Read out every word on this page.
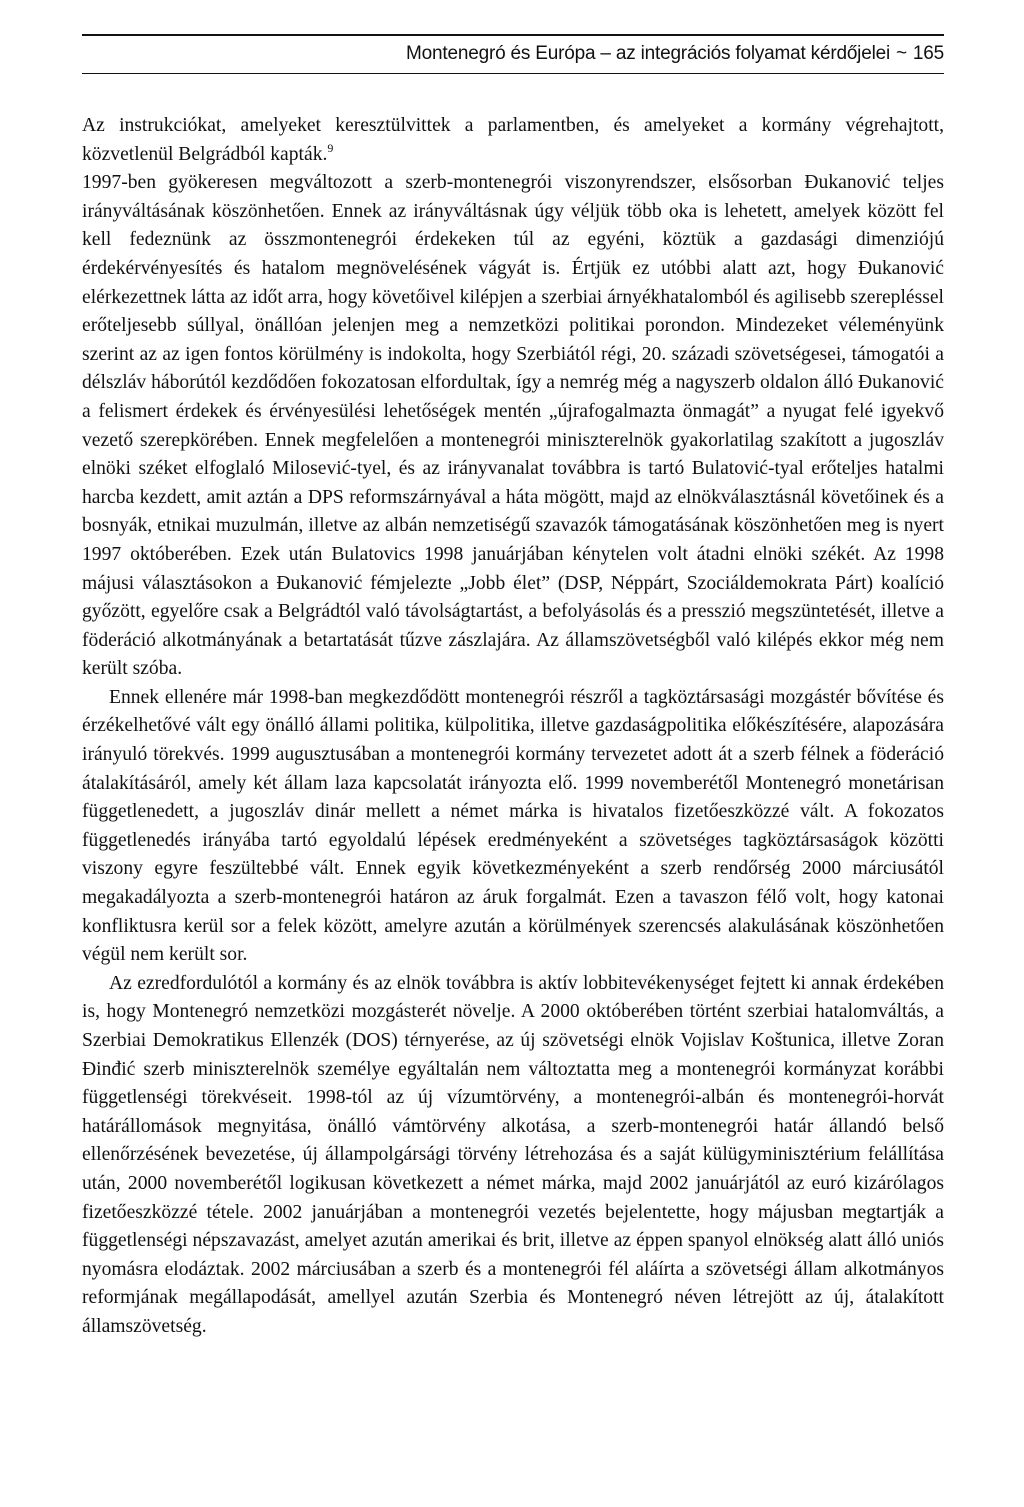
Montenegró és Európa – az integrációs folyamat kérdőjelei ~ 165

Az instrukciókat, amelyeket keresztülvittek a parlamentben, és amelyeket a kormány végrehajtott, közvetlenül Belgrádból kapták.$^9$

1997-ben gyökeresen megváltozott a szerb-montenegrói viszonyrendszer, elsősorban Đukanović teljes irányváltásának köszönhetően. Ennek az irányváltásnak úgy véljük több oka is lehetett, amelyek között fel kell fedeznünk az összmontenegrói érdekeken túl az egyéni, köztük a gazdasági dimenziójú érdekérvényesítés és hatalom megnövelésének vágyát is. Értjük ez utóbbi alatt azt, hogy Đukanović elérkezettnek látta az időt arra, hogy követőivel kilépjen a szerbiai árnyékhatalomból és agilisebb szerepléssel erőteljesebb súllyal, önállóan jelenjen meg a nemzetközi politikai porondon. Mindezeket véleményünk szerint az az igen fontos körülmény is indokolta, hogy Szerbiától régi, 20. századi szövetségesei, támogatói a délszláv háborútól kezdődően fokozatosan elfordultak, így a nemrég még a nagyszerb oldalon álló Đukanović a felismert érdekek és érvényesülési lehetőségek mentén „újrafogalmazta önmagát” a nyugat felé igyekvő vezető szerepkörében. Ennek megfelelően a montenegrói miniszterelnök gyakorlatilag szakított a jugoszláv elnöki széket elfoglaló Milosević-tyel, és az irányvanalat továbbra is tartó Bulatović-tyal erőteljes hatalmi harcba kezdett, amit aztán a DPS reformszárnyával a háta mögött, majd az elnökválasztásnál követőinek és a bosnyák, etnikai muzulmán, illetve az albán nemzetiségű szavazók támogatásának köszönhetően meg is nyert 1997 októberében. Ezek után Bulatovics 1998 januárjában kénytelen volt átadni elnöki székét. Az 1998 májusi választásokon a Đukanović fémjelezte „Jobb élet” (DSP, Néppárt, Szociáldemokrata Párt) koalíció győzött, egyelőre csak a Belgrádtól való távolságtartást, a befolyásolás és a presszió megszüntetését, illetve a föderáció alkotmányának a betartatását tűzve zászlajára. Az államszövetségből való kilépés ekkor még nem került szóba.

Ennek ellenére már 1998-ban megkezdődött montenegrói részről a tagköztársasági mozgástér bővítése és érzékelhetővé vált egy önálló állami politika, külpolitika, illetve gazdaságpolitika előkészítésére, alapozására irányuló törekvés. 1999 augusztusában a montenegrói kormány tervezetet adott át a szerb félnek a föderáció átalakításáról, amely két állam laza kapcsolatát irányozta elő. 1999 novemberétől Montenegró monetárisan függetlenedett, a jugoszláv dinár mellett a német márka is hivatalos fizetőeszközzé vált. A fokozatos függetlenedés irányába tartó egyoldalú lépések eredményeként a szövetséges tagköztársaságok közötti viszony egyre feszültebbé vált. Ennek egyik következményeként a szerb rendőrség 2000 márciusától megakadályozta a szerb-montenegrói határon az áruk forgalmát. Ezen a tavaszon félő volt, hogy katonai konfliktusra kerül sor a felek között, amelyre azután a körülmények szerencsés alakulásának köszönhetően végül nem került sor.

Az ezredfordulótól a kormány és az elnök továbbra is aktív lobbitevékenységet fejtett ki annak érdekében is, hogy Montenegró nemzetközi mozgásterét növelje. A 2000 októberében történt szerbiai hatalomváltás, a Szerbiai Demokratikus Ellenzék (DOS) térnyerése, az új szövetségi elnök Vojislav Koštunica, illetve Zoran Đinđić szerb miniszterelnök személye egyáltalán nem változtatta meg a montenegrói kormányzat korábbi függetlenségi törekvéseit. 1998-tól az új vízumtörvény, a montenegrói-albán és montenegrói-horvát határállomások megnyitása, önálló vámtörvény alkotása, a szerb-montenegrói határ állandó belső ellenőrzésének bevezetése, új állampolgársági törvény létrehozása és a saját külügyminisztérium felállítása után, 2000 novemberétől logikusan következett a német márka, majd 2002 januárjától az euró kizárólagos fizetőeszközzé tétele. 2002 januárjában a montenegrói vezetés bejelentette, hogy májusban megtartják a függetlenségi népszavazást, amelyet azután amerikai és brit, illetve az éppen spanyol elnökség alatt álló uniós nyomásra elodáztak. 2002 márciusában a szerb és a montenegrói fél aláírta a szövetségi állam alkotmányos reformjának megállapodását, amellyel azután Szerbia és Montenegró néven létrejött az új, átalakított államszövetség.
